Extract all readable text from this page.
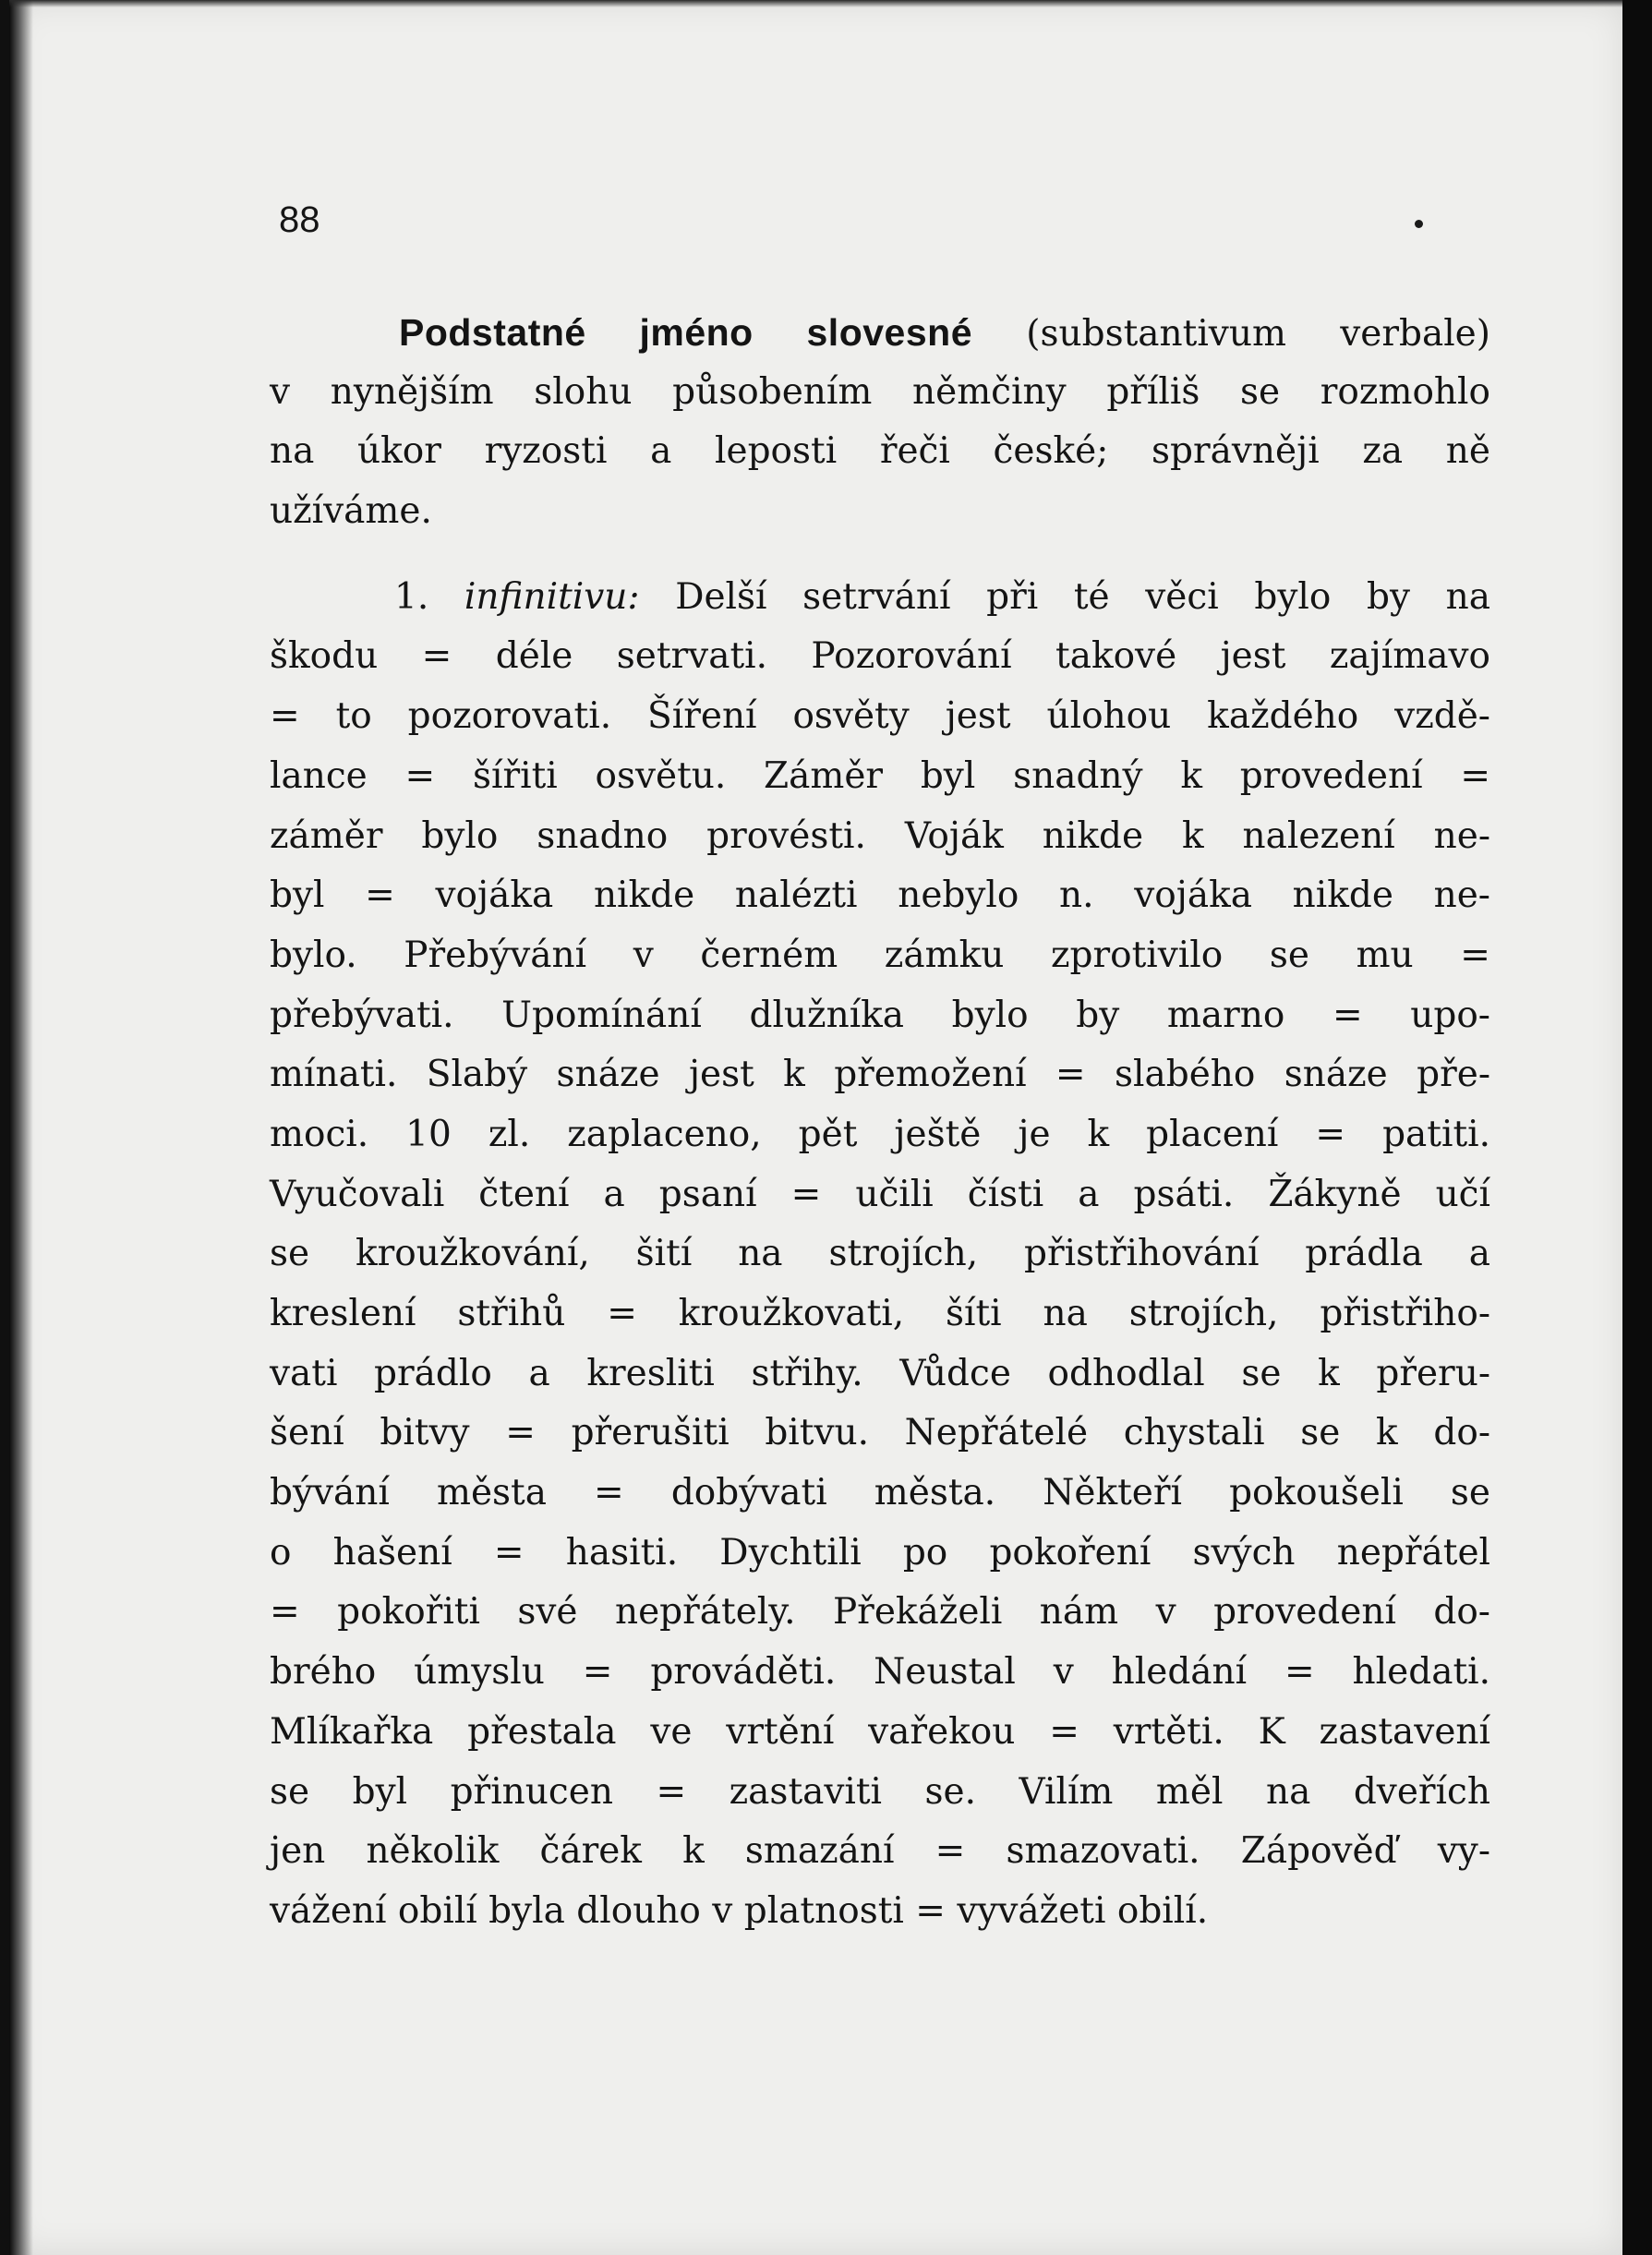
88
Podstatné jméno slovesné (substantivum verbale)
v nynějším slohu působením němčiny příliš se rozmohlo
na úkor ryzosti a leposti řeči české; správněji za ně
užíváme.
1. infinitivu: Delší setrvání při té věci bylo by na
škodu = déle setrvati. Pozorování takové jest zajímavo
= to pozorovati. Šíření osvěty jest úlohou každého vzdě-
lance = šířiti osvětu. Záměr byl snadný k provedení =
záměr bylo snadno provésti. Voják nikde k nalezení ne-
byl = vojáka nikde nalézti nebylo n. vojáka nikde ne-
bylo. Přebývání v černém zámku zprotivilo se mu =
přebývati. Upomínání dlužníka bylo by marno = upo-
mínati. Slabý snáze jest k přemožení = slabého snáze pře-
moci. 10 zl. zaplaceno, pět ještě je k placení = patiti.
Vyučovali čtení a psaní = učili čísti a psáti. Žákyně učí
se kroužkování, šití na strojích, přistřihování prádla a
kreslení střihů = kroužkovati, šíti na strojích, přistřiho-
vati prádlo a kresliti střihy. Vůdce odhodlal se k přeru-
šení bitvy = přerušiti bitvu. Nepřátelé chystali se k do-
bývání města = dobývati města. Někteří pokoušeli se
o hašení = hasiti. Dychtili po pokoření svých nepřátel
= pokořiti své nepřátely. Překáželi nám v provedení do-
brého úmyslu = prováděti. Neustal v hledání = hledati.
Mlíkařka přestala ve vrtění vařekou = vrtěti. K zastavení
se byl přinucen = zastaviti se. Vilím měl na dveřích
jen několik čárek k smazání = smazovati. Zápověď vy-
vážení obilí byla dlouho v platnosti = vyvážeti obilí.
